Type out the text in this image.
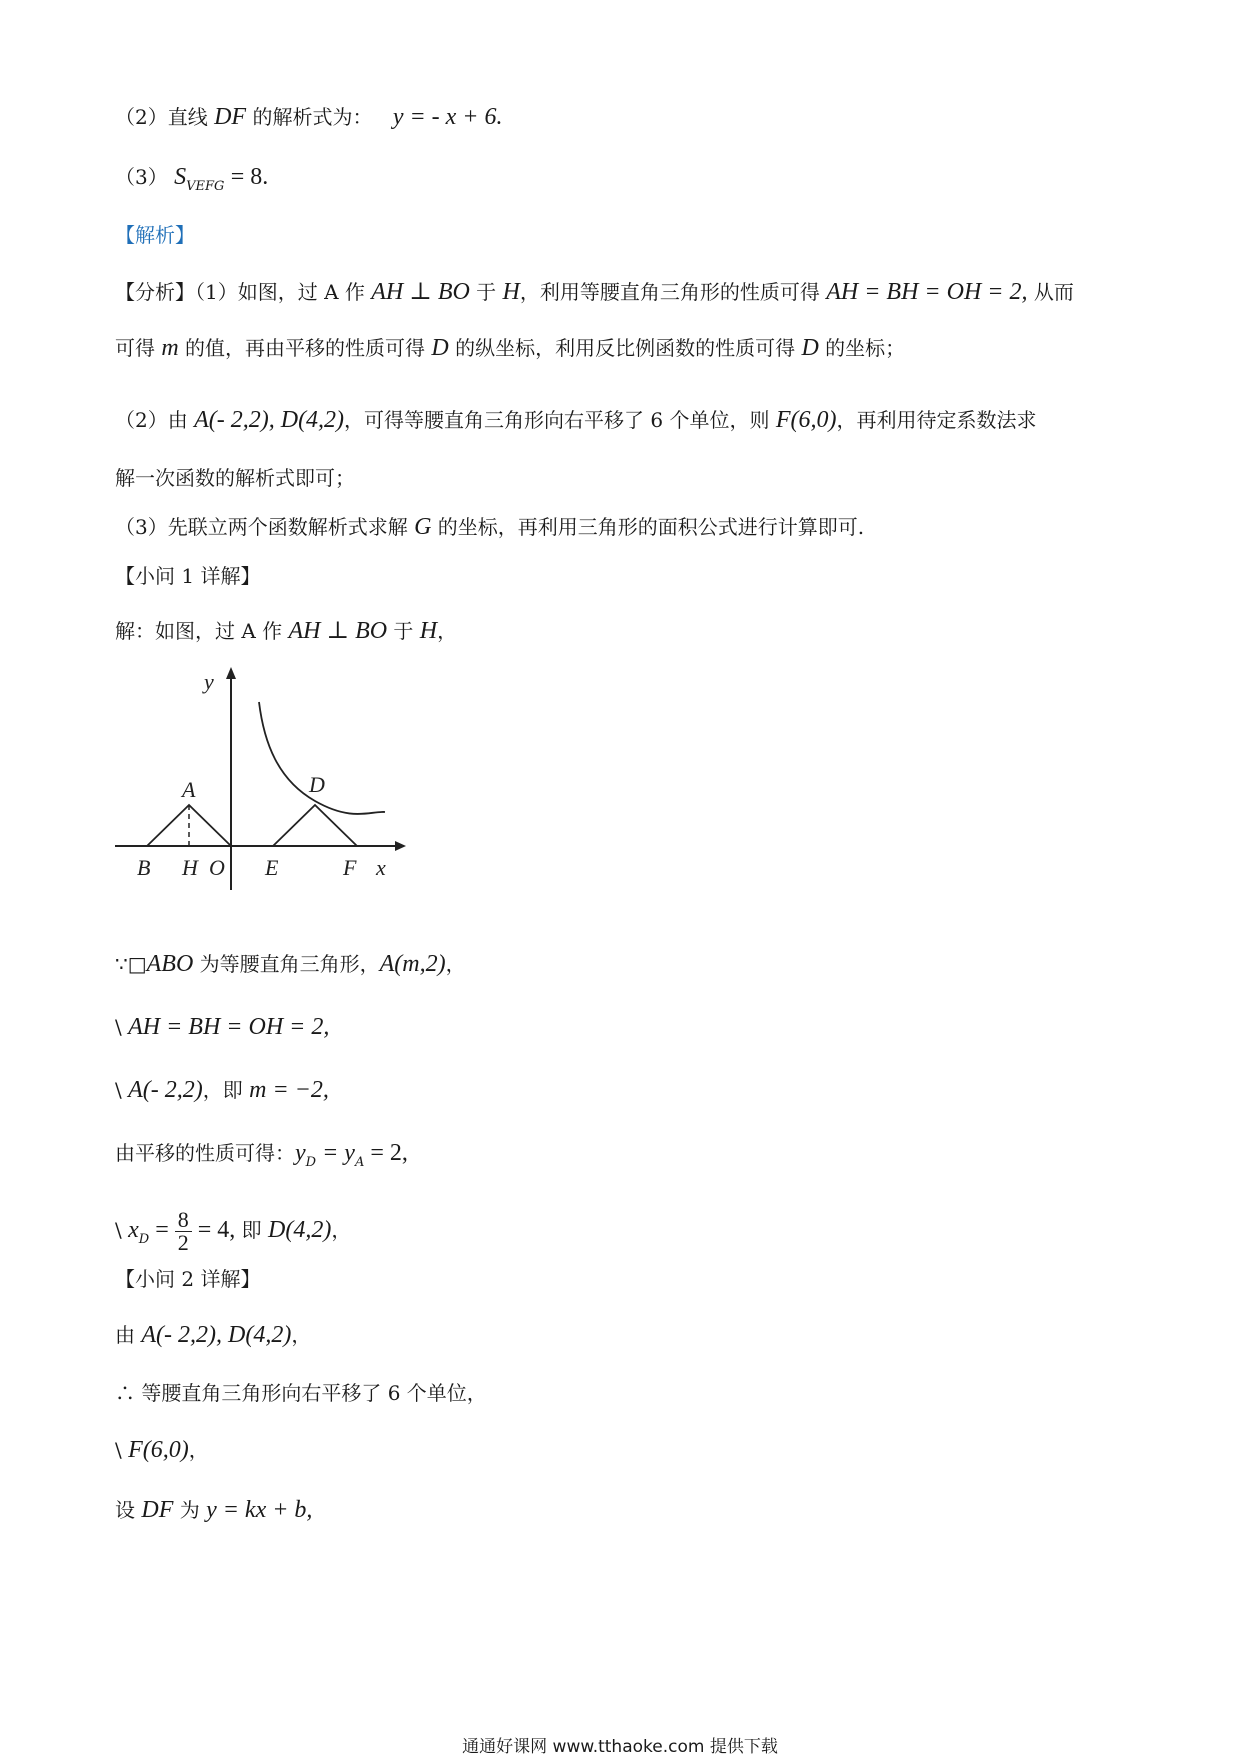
（2）直线 DF 的解析式为： y = - x + 6.
（3） $S_{VEFG} = 8$.
【解析】
【分析】（1）如图，过 A 作 AH ⊥ BO 于 H，利用等腰直角三角形的性质可得 AH = BH = OH = 2, 从而
可得 m 的值，再由平移的性质可得 D 的纵坐标，利用反比例函数的性质可得 D 的坐标；
（2）由 A(- 2,2), D(4,2)，可得等腰直角三角形向右平移了 6 个单位，则 F(6,0)，再利用待定系数法求
解一次函数的解析式即可；
（3）先联立两个函数解析式求解 G 的坐标，再利用三角形的面积公式进行计算即可.
【小问 1 详解】
解：如图，过 A 作 AH ⊥ BO 于 H，
y
x
A	D
B H O E	F
∵□ABO 为等腰直角三角形，A(m,2)，
\ AH = BH = OH = 2,
\ A(- 2,2)，即 m = −2,
由平移的性质可得：$y_D = y_A = 2$,
\ $x_D = \frac{8}{2} = 4$, 即 D(4,2)，
【小问 2 详解】
由 A(- 2,2), D(4,2)，
∴ 等腰直角三角形向右平移了 6 个单位，
\ F(6,0)，
设 DF 为 y = kx + b,
通通好课网 www.tthaoke.com 提供下载
